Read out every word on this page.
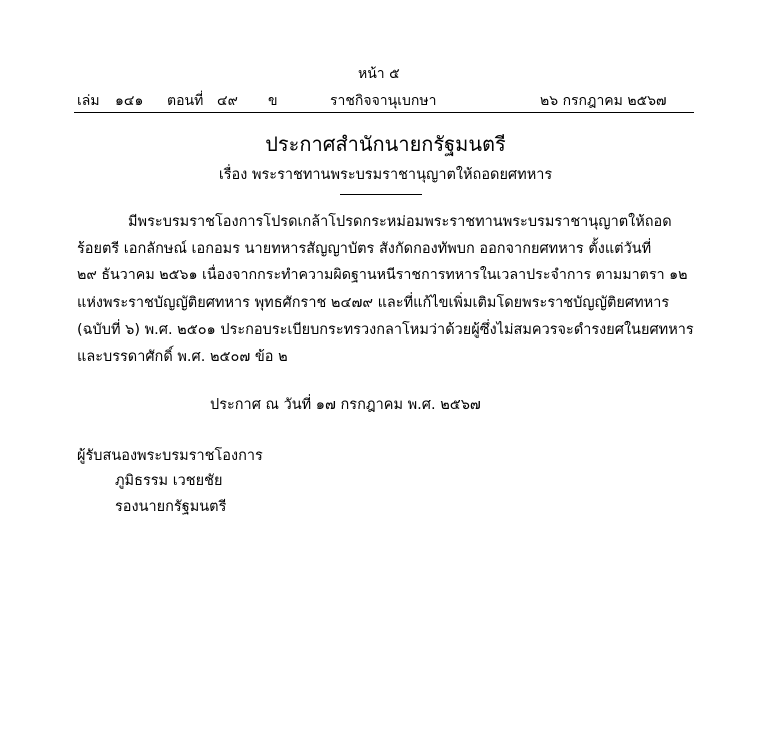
หน้า ๕
เล่ม ๑๔๑ ตอนที่ ๔๙ ข	ราชกิจจานุเบกษา	๒๖ กรกฎาคม ๒๕๖๗
ประกาศสำนักนายกรัฐมนตรี
เรื่อง พระราชทานพระบรมราชานุญาตให้ถอดยศทหาร
มีพระบรมราชโองการโปรดเกล้าโปรดกระหม่อมพระราชทานพระบรมราชานุญาตให้ถอด
ร้อยตรี เอกลักษณ์ เอกอมร นายทหารสัญญาบัตร สังกัดกองทัพบก ออกจากยศทหาร ตั้งแต่วันที่
๒๙ ธันวาคม ๒๕๖๑ เนื่องจากกระทำความผิดฐานหนีราชการทหารในเวลาประจำการ ตามมาตรา ๑๒
แห่งพระราชบัญญัติยศทหาร พุทธศักราช ๒๔๗๙ และที่แก้ไขเพิ่มเติมโดยพระราชบัญญัติยศทหาร
(ฉบับที่ ๖) พ.ศ. ๒๕๐๑ ประกอบระเบียบกระทรวงกลาโหมว่าด้วยผู้ซึ่งไม่สมควรจะดำรงยศในยศทหาร
และบรรดาศักดิ์ พ.ศ. ๒๕๐๗ ข้อ ๒
ประกาศ ณ วันที่ ๑๗ กรกฎาคม พ.ศ. ๒๕๖๗
ผู้รับสนองพระบรมราชโองการ
ภูมิธรรม เวชยชัย
รองนายกรัฐมนตรี
